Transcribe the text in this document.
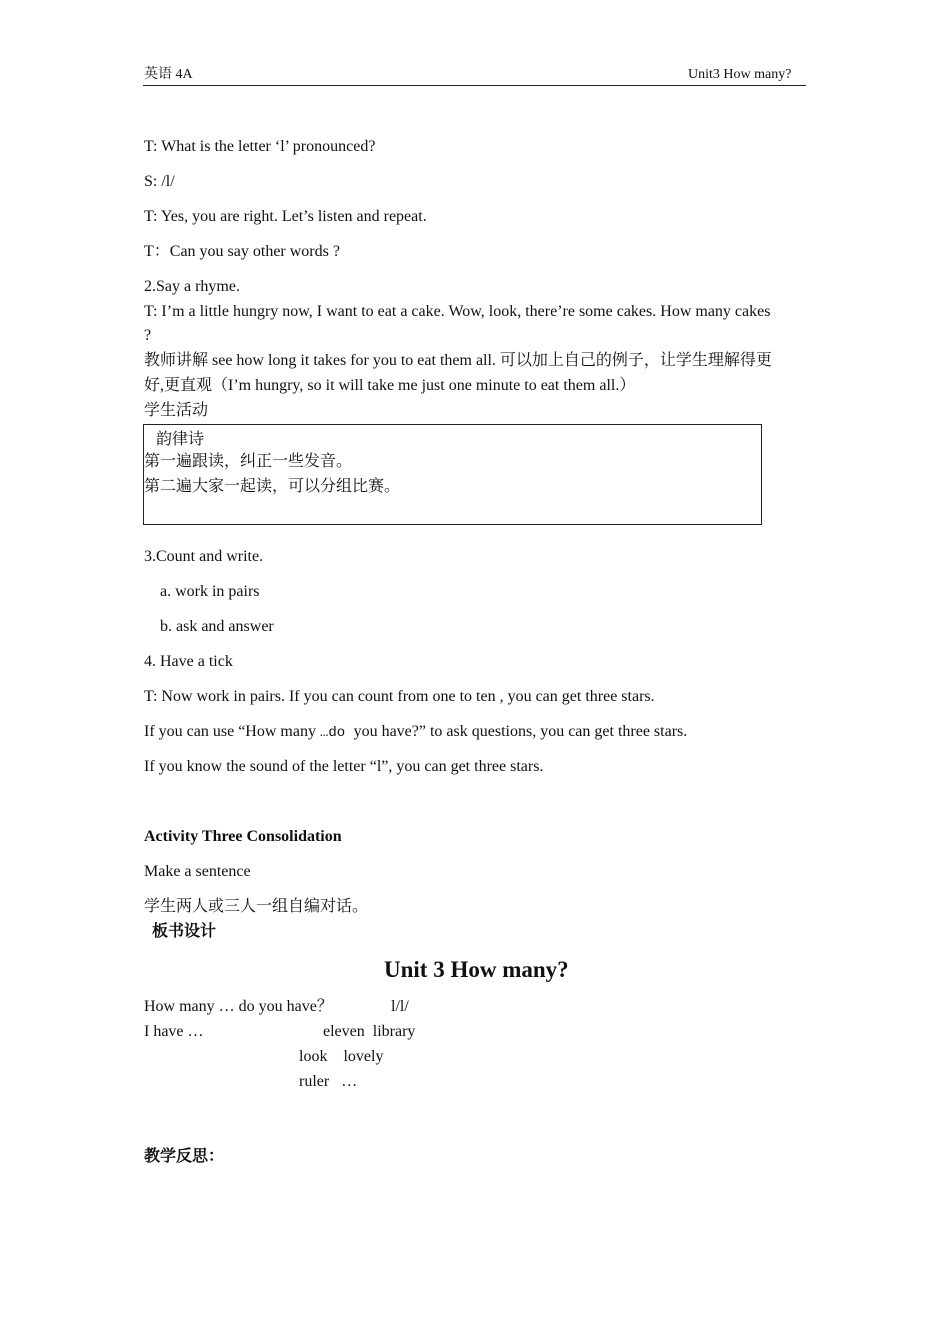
英语 4A	Unit3 How many?
T: What is the letter ‘l’ pronounced?
S: /l/
T: Yes, you are right. Let’s listen and repeat.
T：Can you say other words ?
2.Say a rhyme.
T: I’m a little hungry now, I want to eat a cake. Wow, look, there’re some cakes. How many cakes
?
教师讲解 see how long it takes for you to eat them all. 可以加上自己的例子，让学生理解得更
好,更直观（I’m hungry, so it will take me just one minute to eat them all.）
学生活动
韵律诗
第一遍跟读，纠正一些发音。
第二遍大家一起读，可以分组比赛。
3.Count and write.
a. work in pairs
b. ask and answer
4. Have a tick
T: Now work in pairs. If you can count from one to ten , you can get three stars.
If you can use “How many …do you have?” to ask questions, you can get three stars.
If you know the sound of the letter “l”, you can get three stars.
Activity Three Consolidation
Make a sentence
学生两人或三人一组自编对话。
板书设计
Unit 3 How many?
How many … do you have？	l/l/
I have …	eleven  library
look    lovely
ruler   …
教学反思：
